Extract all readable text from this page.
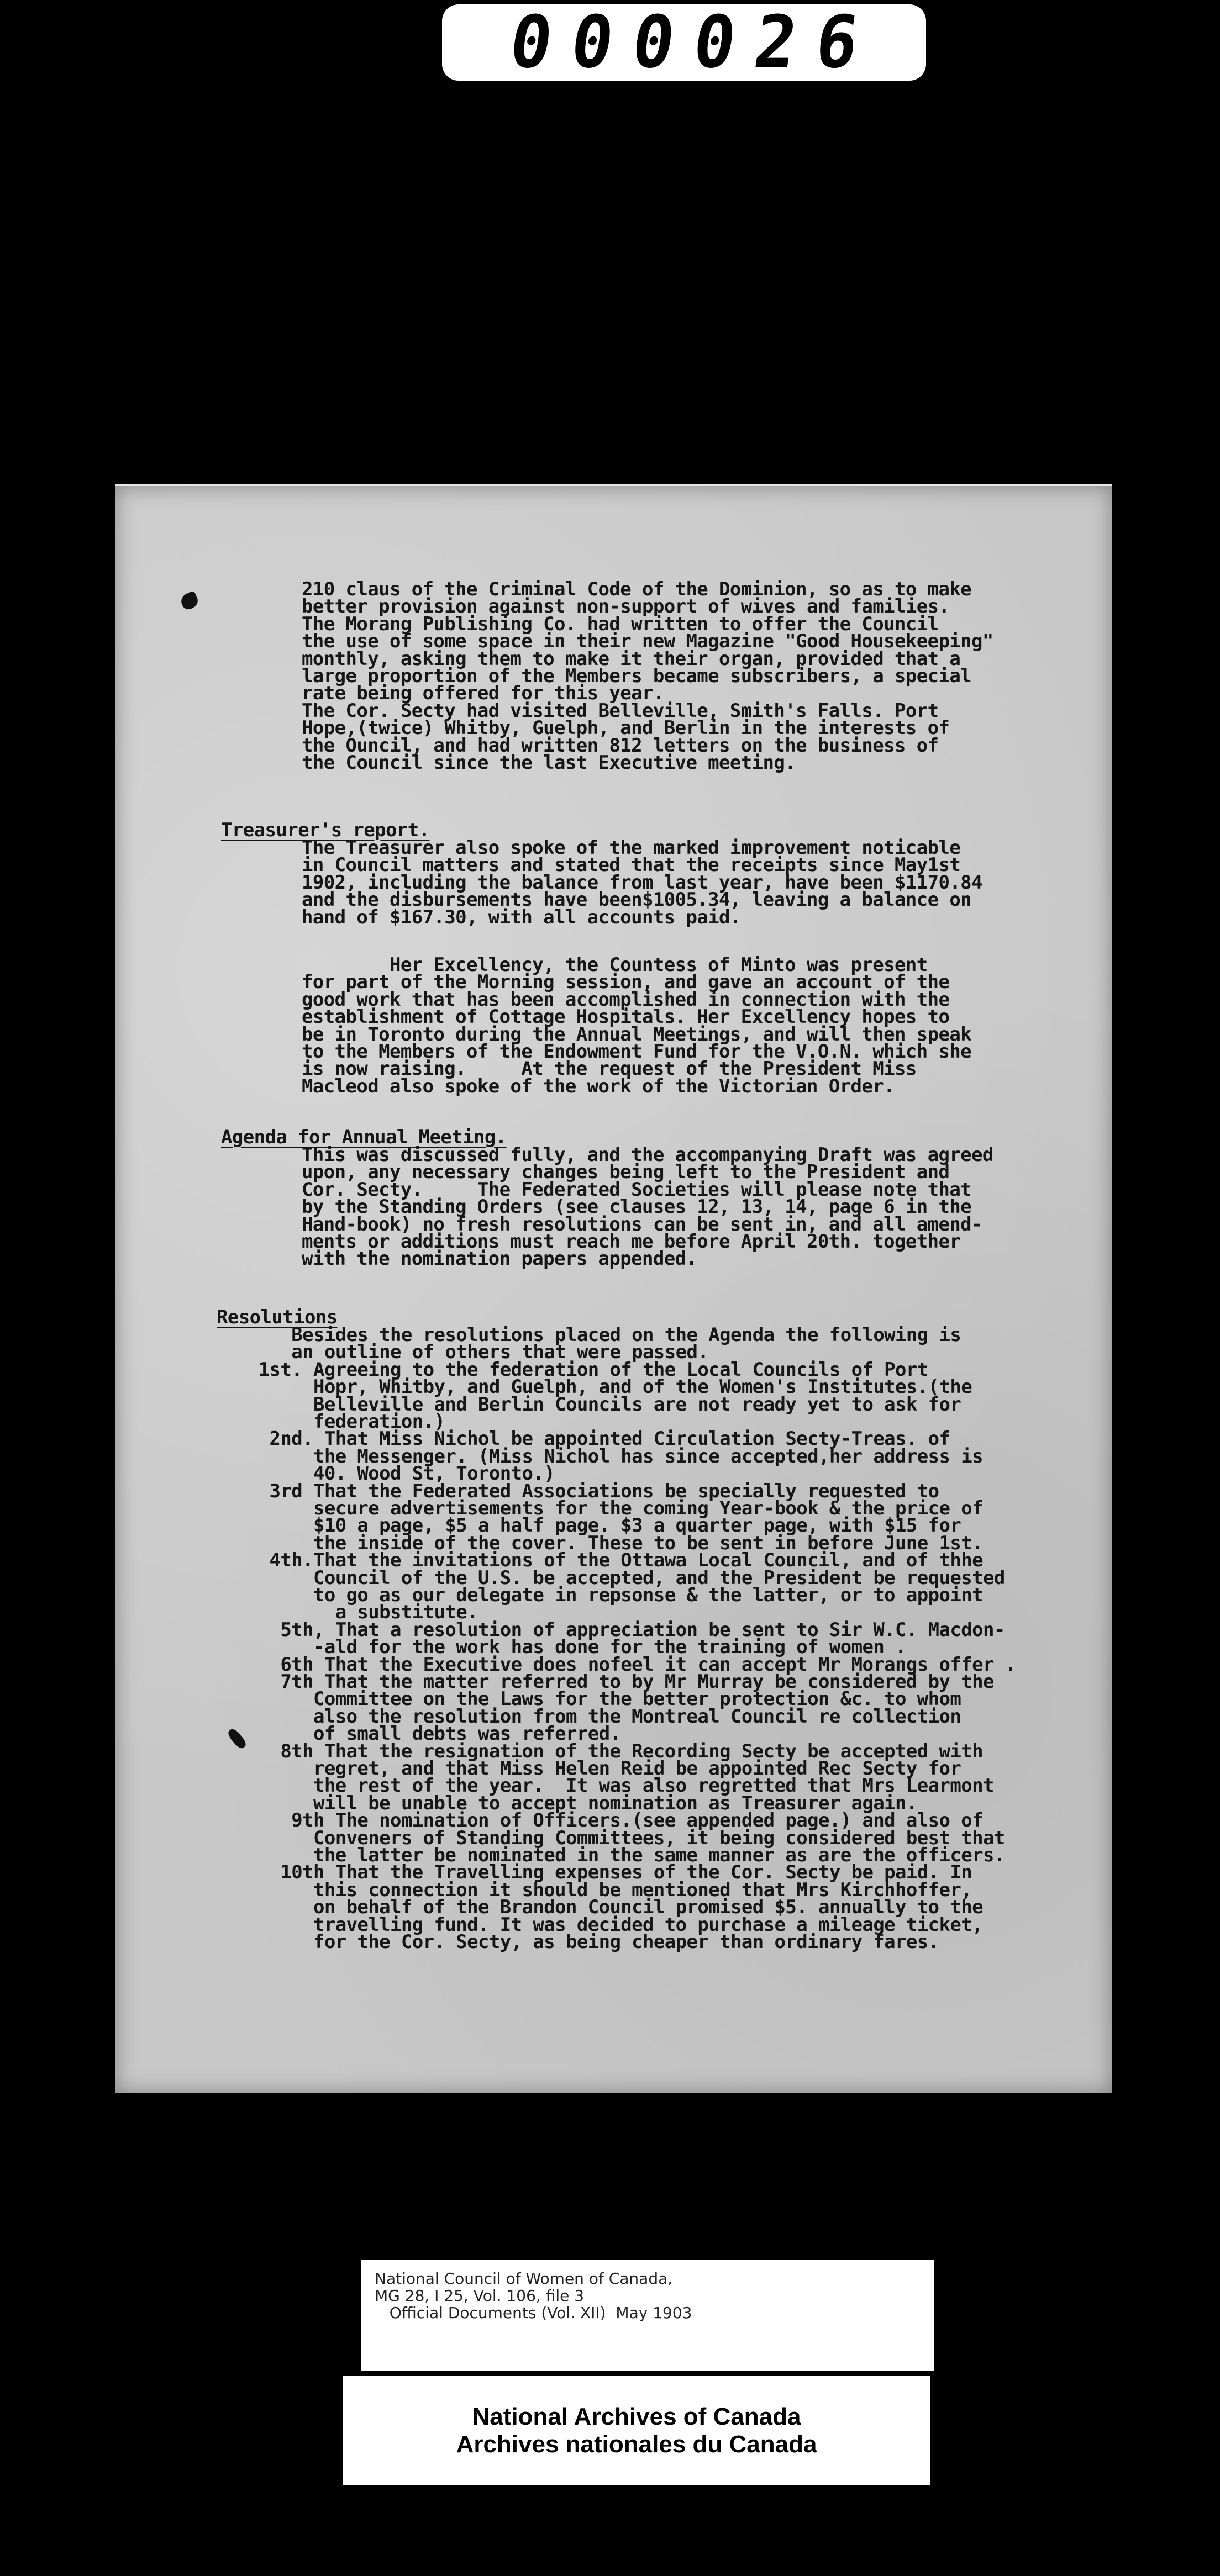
000026
210 claus of the Criminal Code of the Dominion, so as to make
better provision against non-support of wives and families.
The Morang Publishing Co. had written to offer the Council
the use of some space in their new Magazine "Good Housekeeping"
monthly, asking them to make it their organ, provided that a
large proportion of the Members became subscribers, a special
rate being offered for this year.
The Cor. Secty had visited Belleville, Smith's Falls. Port
Hope,(twice) Whitby, Guelph, and Berlin in the interests of
the Ouncil, and had written 812 letters on the business of
the Council since the last Executive meeting.
Treasurer's report.
The Treasurer also spoke of the marked improvement noticable
in Council matters and stated that the receipts since May1st
1902, including the balance from last year, have been $1170.84
and the disbursements have been$1005.34, leaving a balance on
hand of $167.30, with all accounts paid.
Her Excellency, the Countess of Minto was present
for part of the Morning session, and gave an account of the
good work that has been accomplished in connection with the
establishment of Cottage Hospitals. Her Excellency hopes to
be in Toronto during the Annual Meetings, and will then speak
to the Members of the Endowment Fund for the V.O.N. which she
is now raising.     At the request of the President Miss
Macleod also spoke of the work of the Victorian Order.
Agenda for Annual Meeting.
This was discussed fully, and the accompanying Draft was agreed
upon, any necessary changes being left to the President and
Cor. Secty.     The Federated Societies will please note that
by the Standing Orders (see clauses 12, 13, 14, page 6 in the
Hand-book) no fresh resolutions can be sent in, and all amend-
ments or additions must reach me before April 20th. together
with the nomination papers appended.
Resolutions
Besides the resolutions placed on the Agenda the following is
an outline of others that were passed.
1st. Agreeing to the federation of the Local Councils of Port
Hopr, Whitby, and Guelph, and of the Women's Institutes.(the
Belleville and Berlin Councils are not ready yet to ask for
federation.)
2nd. That Miss Nichol be appointed Circulation Secty-Treas. of
the Messenger. (Miss Nichol has since accepted,her address is
40. Wood St, Toronto.)
3rd That the Federated Associations be specially requested to
secure advertisements for the coming Year-book & the price of
$10 a page, $5 a half page. $3 a quarter page, with $15 for
the inside of the cover. These to be sent in before June 1st.
4th.That the invitations of the Ottawa Local Council, and of thhe
Council of the U.S. be accepted, and the President be requested
to go as our delegate in repsonse & the latter, or to appoint
a substitute.
5th, That a resolution of appreciation be sent to Sir W.C. Macdon-
-ald for the work has done for the training of women .
6th That the Executive does nofeel it can accept Mr Morangs offer .
7th That the matter referred to by Mr Murray be considered by the
Committee on the Laws for the better protection &c. to whom
also the resolution from the Montreal Council re collection
of small debts was referred.
8th That the resignation of the Recording Secty be accepted with
regret, and that Miss Helen Reid be appointed Rec Secty for
the rest of the year.  It was also regretted that Mrs Learmont
will be unable to accept nomination as Treasurer again.
9th The nomination of Officers.(see appended page.) and also of
Conveners of Standing Committees, it being considered best that
the latter be nominated in the same manner as are the officers.
10th That the Travelling expenses of the Cor. Secty be paid. In
this connection it should be mentioned that Mrs Kirchhoffer,
on behalf of the Brandon Council promised $5. annually to the
travelling fund. It was decided to purchase a mileage ticket,
for the Cor. Secty, as being cheaper than ordinary fares.
National Council of Women of Canada,
MG 28, I 25, Vol. 106, file 3
Official Documents (Vol. XII)  May 1903
National Archives of Canada
Archives nationales du Canada
